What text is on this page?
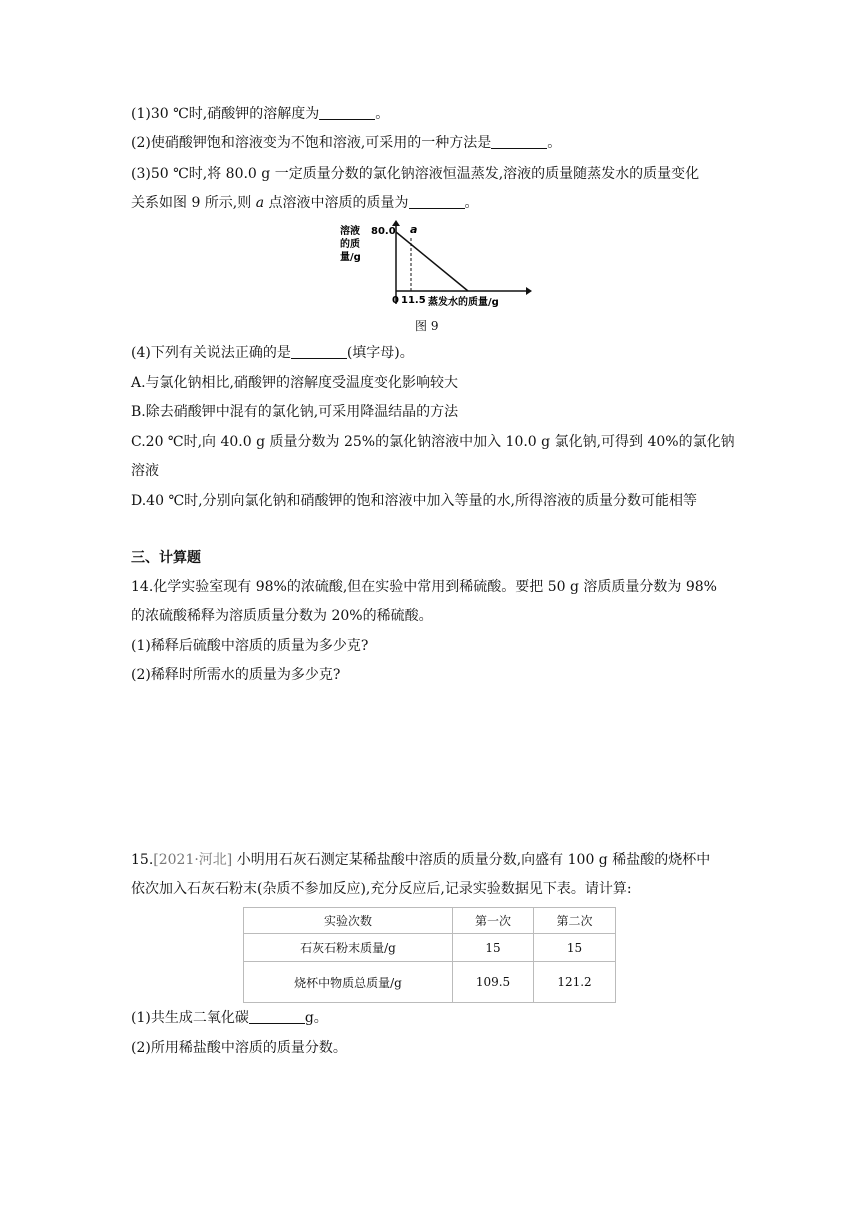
(1)30 ℃时,硝酸钾的溶解度为	。
(2)使硝酸钾饱和溶液变为不饱和溶液,可采用的一种方法是	。
(3)50 ℃时,将 80.0 g 一定质量分数的氯化钠溶液恒温蒸发,溶液的质量随蒸发水的质量变化
关系如图 9 所示,则 a 点溶液中溶质的质量为	。
溶液
的质
量/g
80.0 a
0 11.5 蒸发水的质量/g
图 9
(4)下列有关说法正确的是	(填字母)。
A.与氯化钠相比,硝酸钾的溶解度受温度变化影响较大
B.除去硝酸钾中混有的氯化钠,可采用降温结晶的方法
C.20 ℃时,向 40.0 g 质量分数为 25%的氯化钠溶液中加入 10.0 g 氯化钠,可得到 40%的氯化钠
溶液
D.40 ℃时,分别向氯化钠和硝酸钾的饱和溶液中加入等量的水,所得溶液的质量分数可能相等
三、计算题
14.化学实验室现有 98%的浓硫酸,但在实验中常用到稀硫酸。要把 50 g 溶质质量分数为 98%
的浓硫酸稀释为溶质质量分数为 20%的稀硫酸。
(1)稀释后硫酸中溶质的质量为多少克?
(2)稀释时所需水的质量为多少克?
15.[2021·河北] 小明用石灰石测定某稀盐酸中溶质的质量分数,向盛有 100 g 稀盐酸的烧杯中
依次加入石灰石粉末(杂质不参加反应),充分反应后,记录实验数据见下表。请计算:
实验次数	第一次	第二次
石灰石粉末质量/g	15	15
烧杯中物质总质量/g	109.5	121.2
(1)共生成二氧化碳	g。
(2)所用稀盐酸中溶质的质量分数。
